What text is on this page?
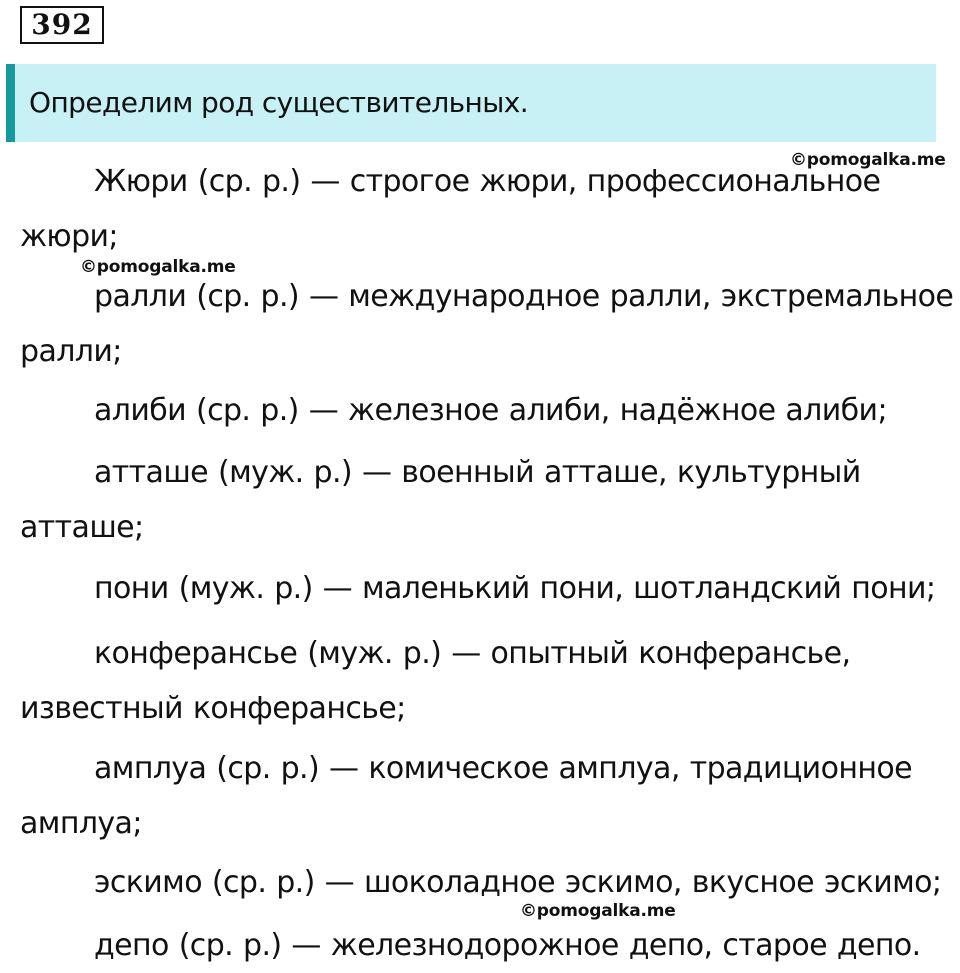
392
Определим род существительных.
Жюри (ср. р.) — строгое жюри, профессиональное
жюри;
ралли (ср. р.) — международное ралли, экстремальное
ралли;
алиби (ср. р.) — железное алиби, надёжное алиби;
атташе (муж. р.) — военный атташе, культурный
атташе;
пони (муж. р.) — маленький пони, шотландский пони;
конферансье (муж. р.) — опытный конферансье,
известный конферансье;
амплуа (ср. р.) — комическое амплуа, традиционное
амплуа;
эскимо (ср. р.) — шоколадное эскимо, вкусное эскимо;
депо (ср. р.) — железнодорожное депо, старое депо.
©pomogalka.me
©pomogalka.me
©pomogalka.me
